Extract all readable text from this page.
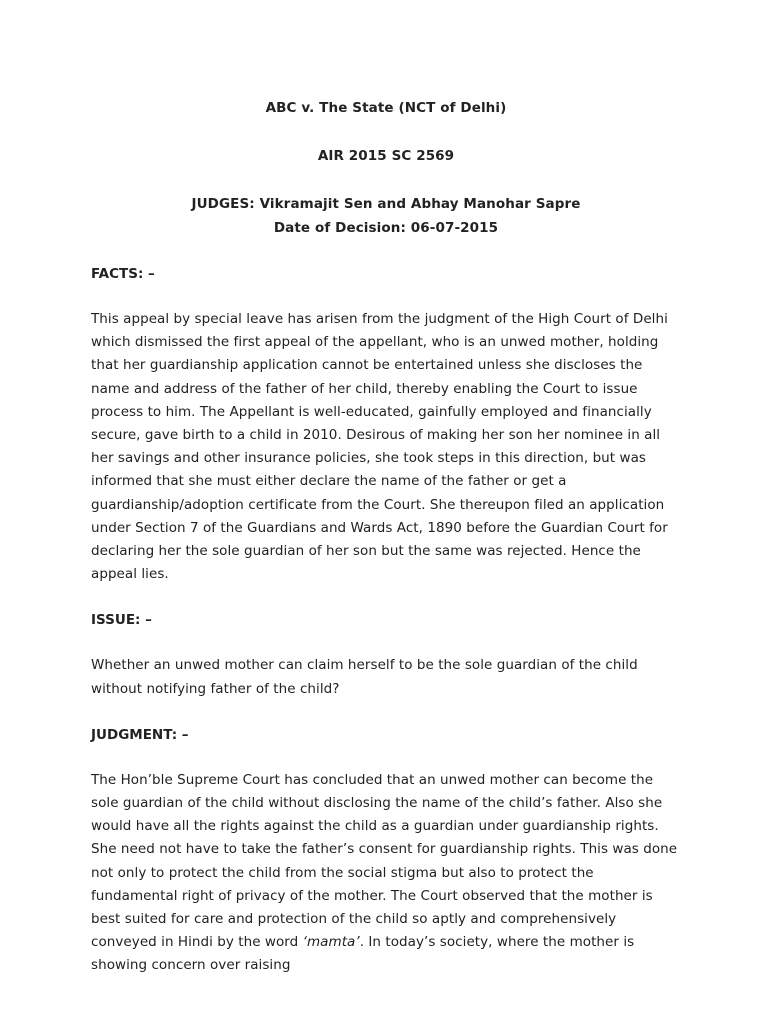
ABC v. The State (NCT of Delhi)

AIR 2015 SC 2569

JUDGES: Vikramajit Sen and Abhay Manohar Sapre

Date of Decision: 06-07-2015

FACTS: –

This appeal by special leave has arisen from the judgment of the High Court of Delhi which dismissed the first appeal of the appellant, who is an unwed mother, holding that her guardianship application cannot be entertained unless she discloses the name and address of the father of her child, thereby enabling the Court to issue process to him. The Appellant is well-educated, gainfully employed and financially secure, gave birth to a child in 2010. Desirous of making her son her nominee in all her savings and other insurance policies, she took steps in this direction, but was informed that she must either declare the name of the father or get a guardianship/adoption certificate from the Court. She thereupon filed an application under Section 7 of the Guardians and Wards Act, 1890 before the Guardian Court for declaring her the sole guardian of her son but the same was rejected. Hence the appeal lies.

ISSUE: –

Whether an unwed mother can claim herself to be the sole guardian of the child without notifying father of the child?

JUDGMENT: –

The Hon’ble Supreme Court has concluded that an unwed mother can become the sole guardian of the child without disclosing the name of the child’s father. Also she would have all the rights against the child as a guardian under guardianship rights. She need not have to take the father’s consent for guardianship rights. This was done not only to protect the child from the social stigma but also to protect the fundamental right of privacy of the mother. The Court observed that the mother is best suited for care and protection of the child so aptly and comprehensively conveyed in Hindi by the word ‘mamta’. In today’s society, where the mother is showing concern over raising
